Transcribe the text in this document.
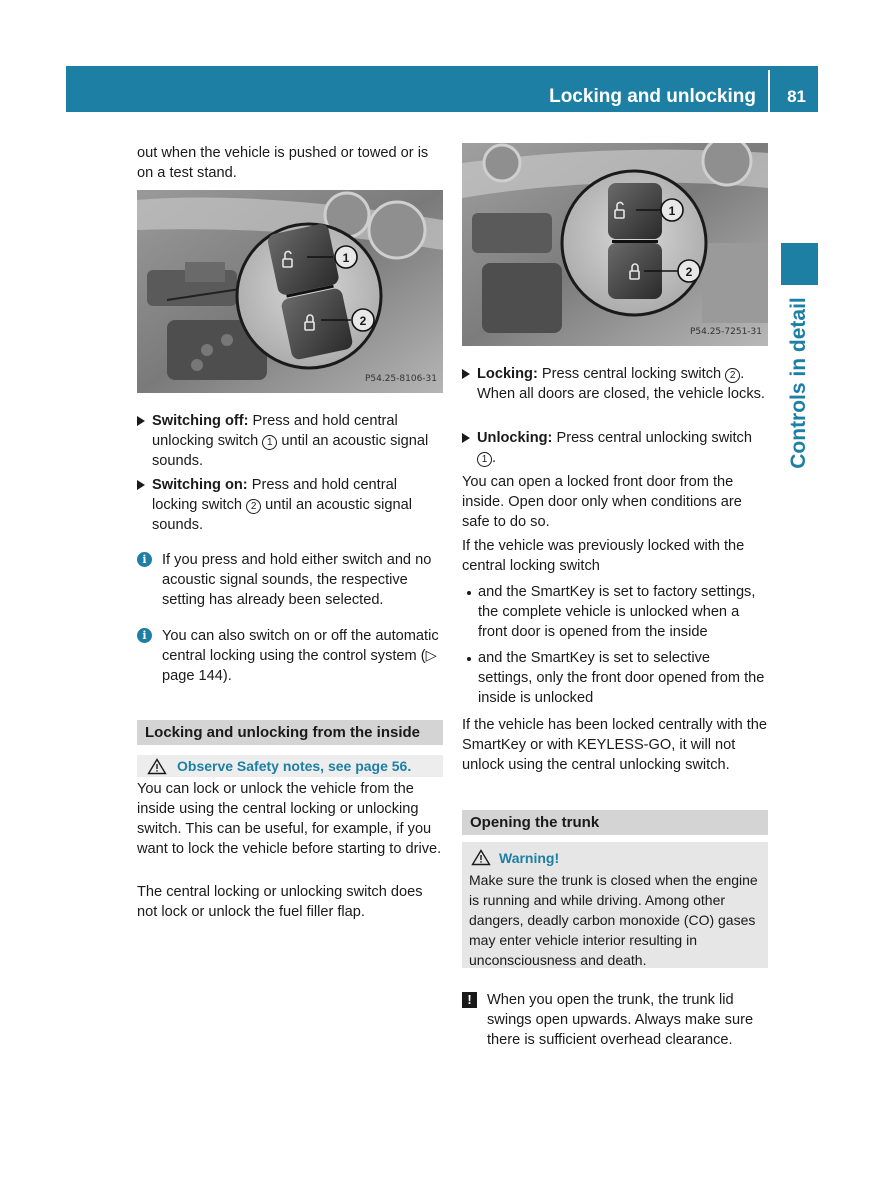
Locking and unlocking 81
Controls in detail
out when the vehicle is pushed or towed or is on a test stand.
1
2
P54.25-8106-31
Switching off: Press and hold central unlocking switch 1 until an acoustic signal sounds.
Switching on: Press and hold central locking switch 2 until an acoustic signal sounds.
i	If you press and hold either switch and no acoustic signal sounds, the respective setting has already been selected.
i	You can also switch on or off the automatic central locking using the control system (▷ page 144).
Locking and unlocking from the inside
Observe Safety notes, see page 56.
You can lock or unlock the vehicle from the inside using the central locking or unlocking switch. This can be useful, for example, if you want to lock the vehicle before starting to drive.
The central locking or unlocking switch does not lock or unlock the fuel filler flap.
1
2
P54.25-7251-31
Locking: Press central locking switch 2 . When all doors are closed, the vehicle locks.
Unlocking: Press central unlocking switch 1 .
You can open a locked front door from the inside. Open door only when conditions are safe to do so.
If the vehicle was previously locked with the central locking switch
and the SmartKey is set to factory settings, the complete vehicle is unlocked when a front door is opened from the inside
and the SmartKey is set to selective settings, only the front door opened from the inside is unlocked
If the vehicle has been locked centrally with the SmartKey or with KEYLESS-GO, it will not unlock using the central unlocking switch.
Opening the trunk
Warning!
Make sure the trunk is closed when the engine is running and while driving. Among other dangers, deadly carbon monoxide (CO) gases may enter vehicle interior resulting in unconsciousness and death.
!	When you open the trunk, the trunk lid swings open upwards. Always make sure there is sufficient overhead clearance.
